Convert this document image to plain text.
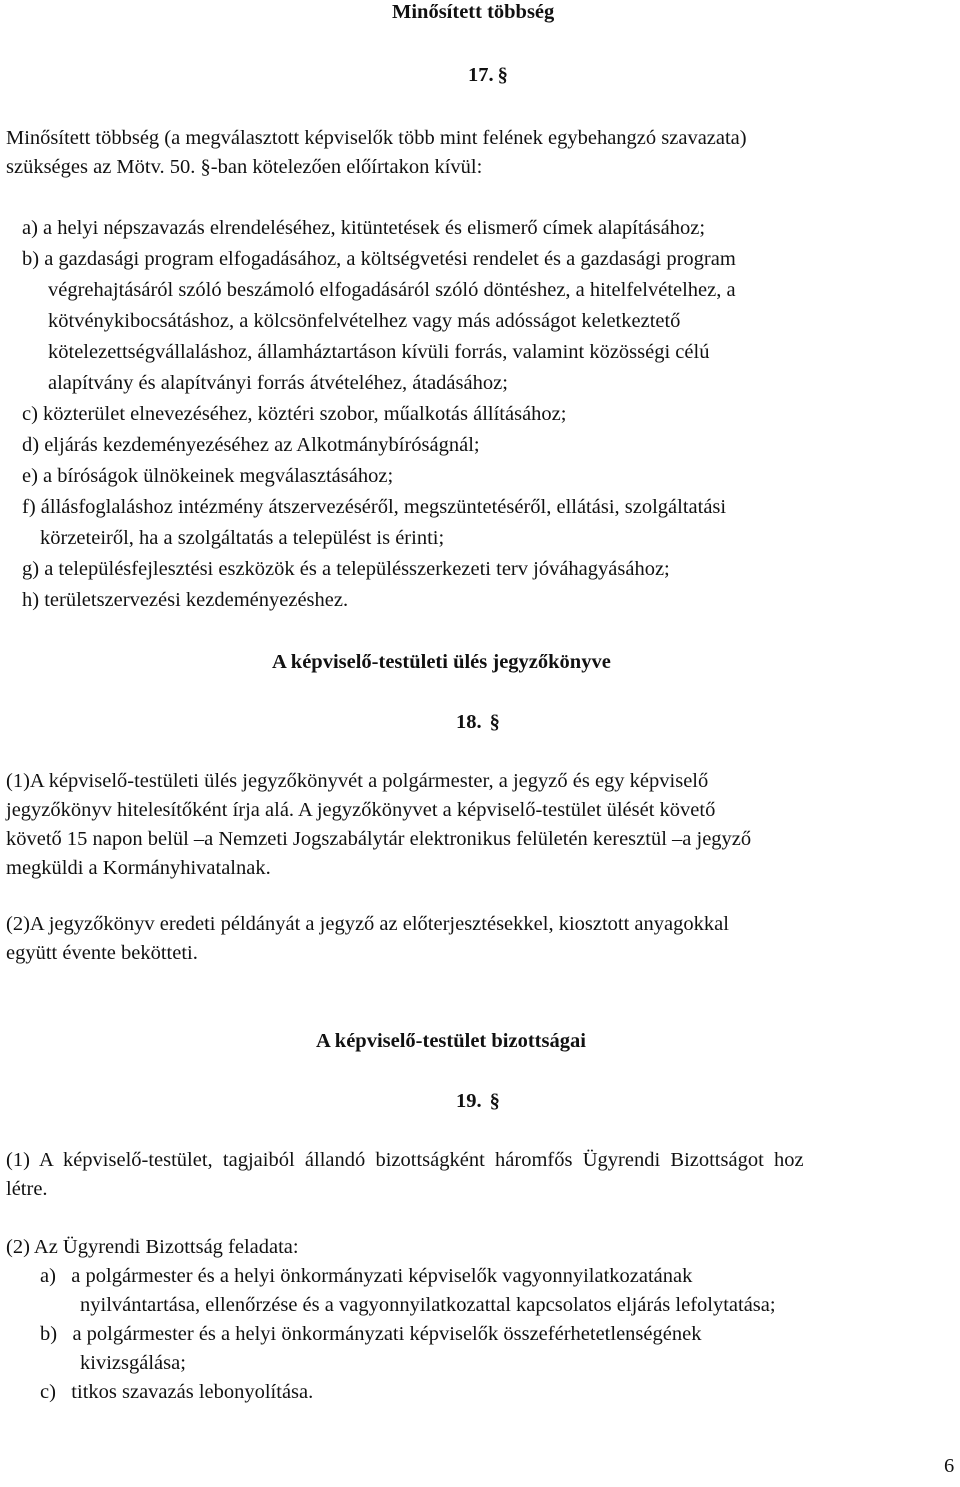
Minősített többség
17. §
Minősített többség (a megválasztott képviselők több mint felének egybehangzó szavazata)
szükséges az Mötv. 50. §-ban kötelezően előírtakon kívül:
a) a helyi népszavazás elrendeléséhez, kitüntetések és elismerő címek alapításához;
b) a gazdasági program elfogadásához, a költségvetési rendelet és a gazdasági program
végrehajtásáról szóló beszámoló elfogadásáról szóló döntéshez, a hitelfelvételhez, a
kötvénykibocsátáshoz, a kölcsönfelvételhez vagy más adósságot keletkeztető
kötelezettségvállaláshoz, államháztartáson kívüli forrás, valamint közösségi célú
alapítvány és alapítványi forrás átvételéhez, átadásához;
c) közterület elnevezéséhez, köztéri szobor, műalkotás állításához;
d) eljárás kezdeményezéséhez az Alkotmánybíróságnál;
e) a bíróságok ülnökeinek megválasztásához;
f) állásfoglaláshoz intézmény átszervezéséről, megszüntetéséről, ellátási, szolgáltatási
körzeteiről, ha a szolgáltatás a települést is érinti;
g) a településfejlesztési eszközök és a településszerkezeti terv jóváhagyásához;
h) területszervezési kezdeményezéshez.
A képviselő-testületi ülés jegyzőkönyve
18. §
(1)A képviselő-testületi ülés jegyzőkönyvét a polgármester, a jegyző és egy képviselő
jegyzőkönyv hitelesítőként írja alá. A jegyzőkönyvet a képviselő-testület ülését követő
követő 15 napon belül –a Nemzeti Jogszabálytár elektronikus felületén keresztül –a jegyző
megküldi a Kormányhivatalnak.
(2)A jegyzőkönyv eredeti példányát a jegyző az előterjesztésekkel, kiosztott anyagokkal
együtt évente bekötteti.
A képviselő-testület bizottságai
19. §
(1)  A  képviselő-testület,  tagjaiból  állandó  bizottságként  háromfős  Ügyrendi  Bizottságot  hoz
létre.
(2) Az Ügyrendi Bizottság feladata:
a)   a polgármester és a helyi önkormányzati képviselők vagyonnyilatkozatának
nyilvántartása, ellenőrzése és a vagyonnyilatkozattal kapcsolatos eljárás lefolytatása;
b)   a polgármester és a helyi önkormányzati képviselők összeférhetetlenségének
kivizsgálása;
c)   titkos szavazás lebonyolítása.
6
